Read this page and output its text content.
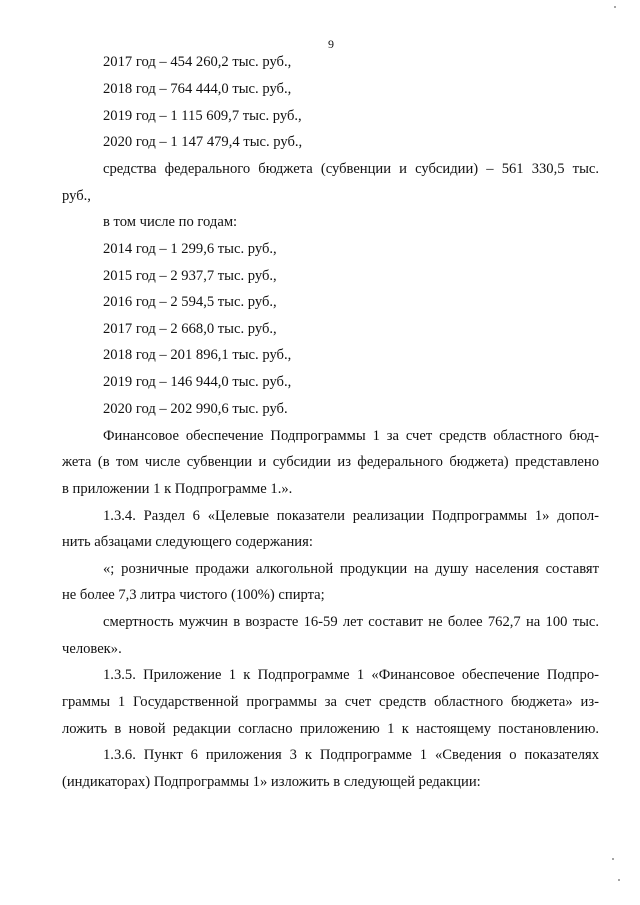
9
2017 год – 454 260,2 тыс. руб.,
2018 год – 764 444,0 тыс. руб.,
2019 год – 1 115 609,7 тыс. руб.,
2020 год – 1 147 479,4 тыс. руб.,
средства федерального бюджета (субвенции и субсидии) – 561 330,5 тыс.
руб.,
в том числе по годам:
2014 год – 1 299,6 тыс. руб.,
2015 год – 2 937,7 тыс. руб.,
2016 год – 2 594,5 тыс. руб.,
2017 год – 2 668,0 тыс. руб.,
2018 год – 201 896,1 тыс. руб.,
2019 год – 146 944,0 тыс. руб.,
2020 год – 202 990,6 тыс. руб.
Финансовое обеспечение Подпрограммы 1 за счет средств областного бюд-
жета (в том числе субвенции и субсидии из федерального бюджета) представлено
в приложении 1 к Подпрограмме 1.».
1.3.4. Раздел 6 «Целевые показатели реализации Подпрограммы 1» допол-
нить абзацами следующего содержания:
«; розничные продажи алкогольной продукции на душу населения составят
не более 7,3 литра чистого (100%) спирта;
смертность мужчин в возрасте 16-59 лет составит не более 762,7 на 100 тыс.
человек».
1.3.5. Приложение 1 к Подпрограмме 1 «Финансовое обеспечение Подпро-
граммы 1 Государственной программы за счет средств областного бюджета» из-
ложить в новой редакции согласно приложению 1 к настоящему постановлению.
1.3.6. Пункт 6 приложения 3 к Подпрограмме 1 «Сведения о показателях
(индикаторах) Подпрограммы 1» изложить в следующей редакции:
